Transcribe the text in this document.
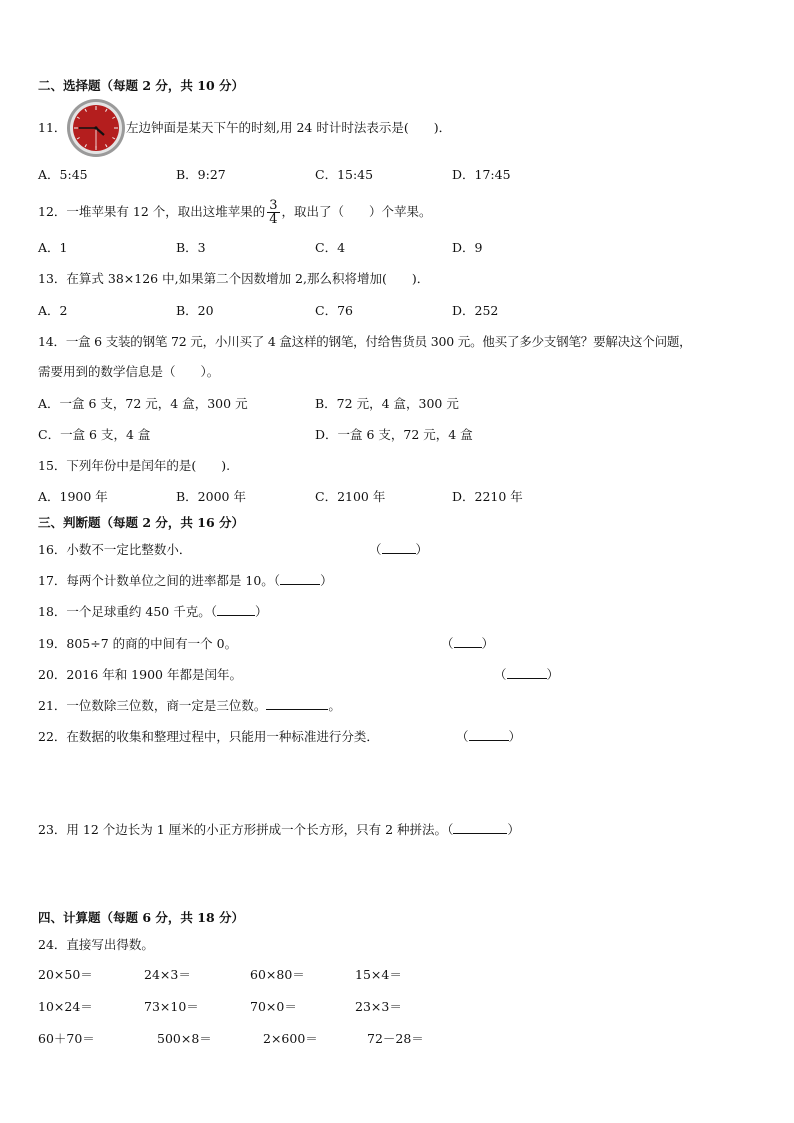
二、选择题（每题 2 分，共 10 分）
11．	左边钟面是某天下午的时刻,用 24 时计时法表示是(　　)．
A．5:45	B．9:27	C．15:45	D．17:45
12．一堆苹果有 12 个，取出这堆苹果的 $\frac{3}{4}$ ，取出了（　　）个苹果。
A．1	B．3	C．4	D．9
13．在算式 38×126 中,如果第二个因数增加 2,那么积将增加(　　)．
A．2	B．20	C．76	D．252
14．一盒 6 支装的钢笔 72 元，小川买了 4 盒这样的钢笔，付给售货员 300 元。他买了多少支钢笔？要解决这个问题，
需要用到的数学信息是（　　）。
A．一盒 6 支，72 元，4 盒，300 元	B．72 元，4 盒，300 元
C．一盒 6 支，4 盒	D．一盒 6 支，72 元，4 盒
15．下列年份中是闰年的是(　　).
A．1900 年	B．2000 年	C．2100 年	D．2210 年
三、判断题（每题 2 分，共 16 分）
16．小数不一定比整数小．	（	）
17．每两个计数单位之间的进率都是 10。（	）
18．一个足球重约 450 千克。（	）
19．805÷7 的商的中间有一个 0。	（ ）
20．2016 年和 1900 年都是闰年。	（	）
21．一位数除三位数，商一定是三位数。	。
22．在数据的收集和整理过程中，只能用一种标准进行分类．	（	）
23．用 12 个边长为 1 厘米的小正方形拼成一个长方形，只有 2 种拼法。（	）
四、计算题（每题 6 分，共 18 分）
24．直接写出得数。
20×50＝	24×3＝	60×80＝	15×4＝
10×24＝	73×10＝	70×0＝	23×3＝
60＋70＝	500×8＝	2×600＝	72－28＝
